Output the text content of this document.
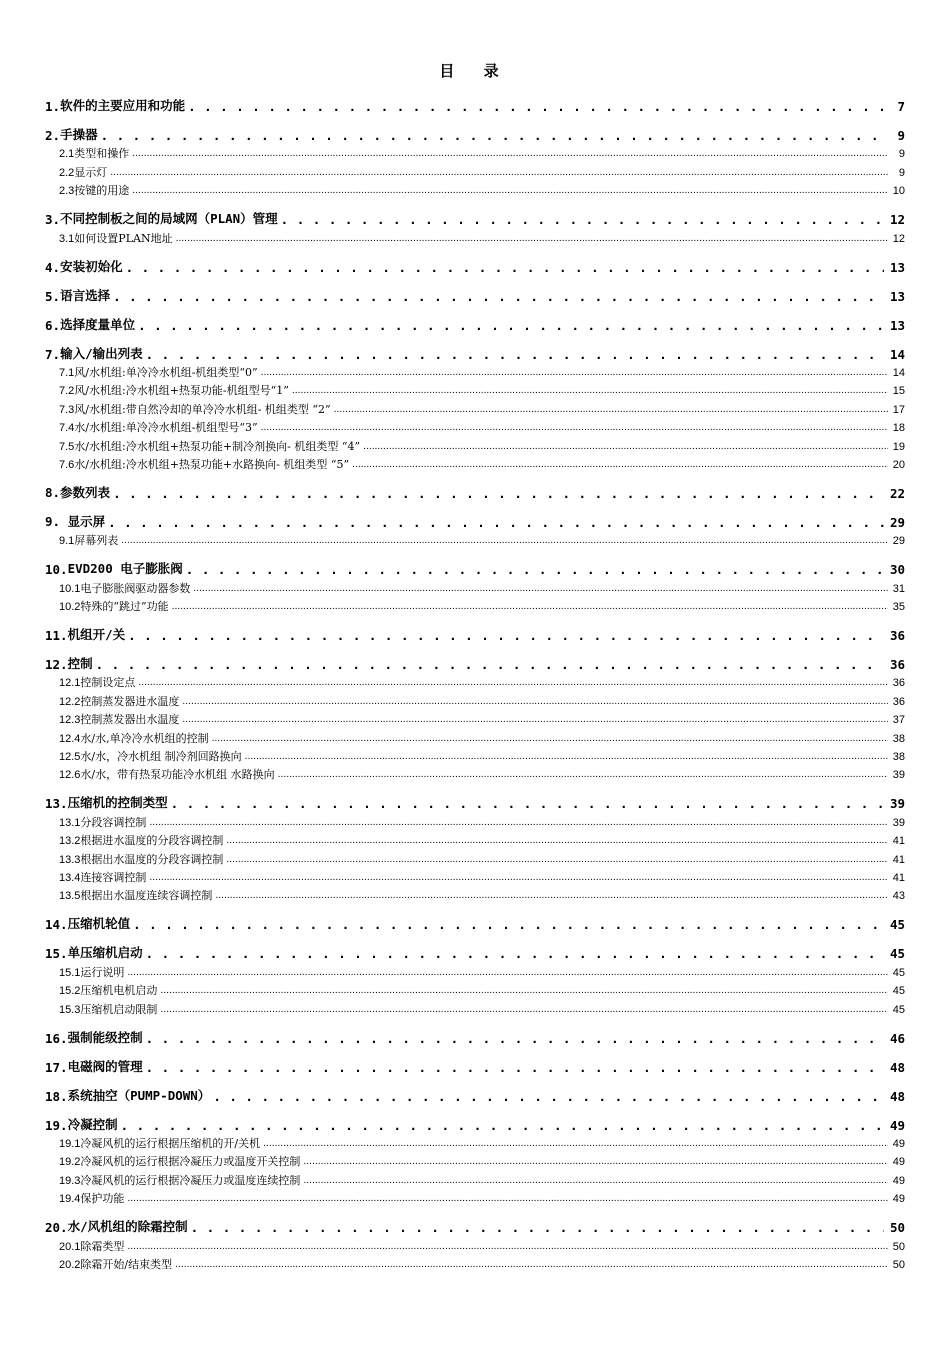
目 录
1. 软件的主要应用和功能 . . .	7
2. 手操器 . . .	9
2.1 类型和操作 .....	9
2.2 显示灯 .....	9
2.3 按键的用途 .....	10
3. 不同控制板之间的局域网（PLAN）管理 . . .	12
3.1 如何设置PLAN地址 .....	12
4. 安装初始化 . . .	13
5. 语言选择 . . .	13
6. 选择度量单位 . . .	13
7. 输入/输出列表 . . .	14
7.1 风/水机组:单冷冷水机组-机组类型“0” .....	14
7.2 风/水机组:冷水机组+热泵功能-机组型号“1” .....	15
7.3 风/水机组:带自然冷却的单冷冷水机组- 机组类型 “2” .....	17
7.4 水/水机组:单冷冷水机组-机组型号“3” .....	18
7.5 水/水机组:冷水机组+热泵功能+制冷剂换向- 机组类型 “4” .....	19
7.6 水/水机组:冷水机组+热泵功能+水路换向- 机组类型 “5” .....	20
8.参数列表 . . .	22
9. 显示屏 . . .	29
9.1 屏幕列表 .....	29
10. EVD200 电子膨胀阀 . . .	30
10.1 电子膨胀阀驱动器参数 .....	31
10.2 特殊的“跳过”功能 .....	35
11. 机组开/关 . . .	36
12. 控制 . . .	36
12.1 控制设定点 .....	36
12.2 控制蒸发器进水温度 .....	36
12.3 控制蒸发器出水温度 .....	37
12.4 水/水,单冷冷水机组的控制 .....	38
12.5 水/水，冷水机组 制冷剂回路换向 .....	38
12.6 水/水，带有热泵功能冷水机组 水路换向 .....	39
13. 压缩机的控制类型 . . .	39
13.1 分段容调控制 .....	39
13.2 根据进水温度的分段容调控制 .....	41
13.3 根据出水温度的分段容调控制 .....	41
13.4 连接容调控制 .....	41
13.5 根据出水温度连续容调控制 .....	43
14. 压缩机轮值 . . .	45
15. 单压缩机启动 . . .	45
15.1 运行说明 .....	45
15.2 压缩机电机启动 .....	45
15.3 压缩机启动限制 .....	45
16. 强制能级控制 . . .	46
17. 电磁阀的管理 . . .	48
18. 系统抽空（PUMP-DOWN） . . .	48
19. 冷凝控制 . . .	49
19.1 冷凝风机的运行根据压缩机的开/关机 .....	49
19.2 冷凝风机的运行根据冷凝压力或温度开关控制 .....	49
19.3 冷凝风机的运行根据冷凝压力或温度连续控制 .....	49
19.4 保护功能 .....	49
20. 水/风机组的除霜控制 . . .	50
20.1 除霜类型 .....	50
20.2 除霜开始/结束类型 .....	50
